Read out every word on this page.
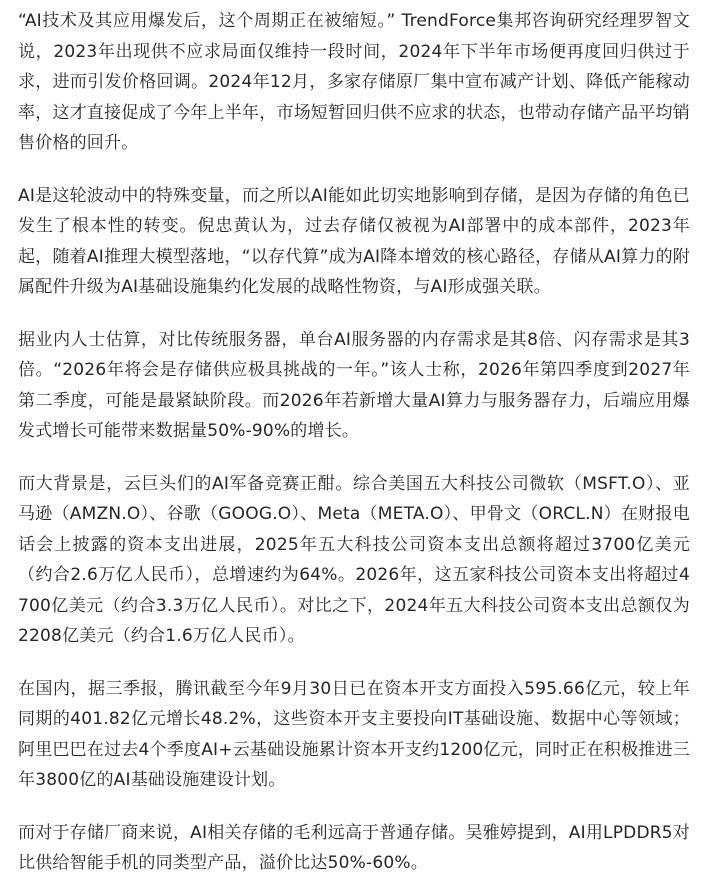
“AI技术及其应用爆发后，这个周期正在被缩短。” TrendForce集邦咨询研究经理罗智文说，2023年出现供不应求局面仅维持一段时间，2024年下半年市场便再度回归供过于求，进而引发价格回调。2024年12月，多家存储原厂集中宣布减产计划、降低产能稼动率，这才直接促成了今年上半年，市场短暂回归供不应求的状态，也带动存储产品平均销售价格的回升。

AI是这轮波动中的特殊变量，而之所以AI能如此切实地影响到存储，是因为存储的角色已发生了根本性的转变。倪忠黄认为，过去存储仅被视为AI部署中的成本部件，2023年起，随着AI推理大模型落地，“以存代算”成为AI降本增效的核心路径，存储从AI算力的附属配件升级为AI基础设施集约化发展的战略性物资，与AI形成强关联。

据业内人士估算，对比传统服务器，单台AI服务器的内存需求是其8倍、闪存需求是其3倍。“2026年将会是存储供应极具挑战的一年。”该人士称，2026年第四季度到2027年第二季度，可能是最紧缺阶段。而2026年若新增大量AI算力与服务器存力，后端应用爆发式增长可能带来数据量50%-90%的增长。

而大背景是，云巨头们的AI军备竞赛正酣。综合美国五大科技公司微软（MSFT.O）、亚马逊（AMZN.O）、谷歌（GOOG.O）、Meta（META.O）、甲骨文（ORCL.N）在财报电话会上披露的资本支出进展，2025年五大科技公司资本支出总额将超过3700亿美元（约合2.6万亿人民币），总增速约为64%。2026年，这五家科技公司资本支出将超过4700亿美元（约合3.3万亿人民币）。对比之下，2024年五大科技公司资本支出总额仅为2208亿美元（约合1.6万亿人民币）。

在国内，据三季报，腾讯截至今年9月30日已在资本开支方面投入595.66亿元，较上年同期的401.82亿元增长48.2%，这些资本开支主要投向IT基础设施、数据中心等领域；阿里巴巴在过去4个季度AI+云基础设施累计资本开支约1200亿元，同时正在积极推进三年3800亿的AI基础设施建设计划。

而对于存储厂商来说，AI相关存储的毛利远高于普通存储。吴雅婷提到，AI用LPDDR5对比供给智能手机的同类型产品，溢价比达50%-60%。
